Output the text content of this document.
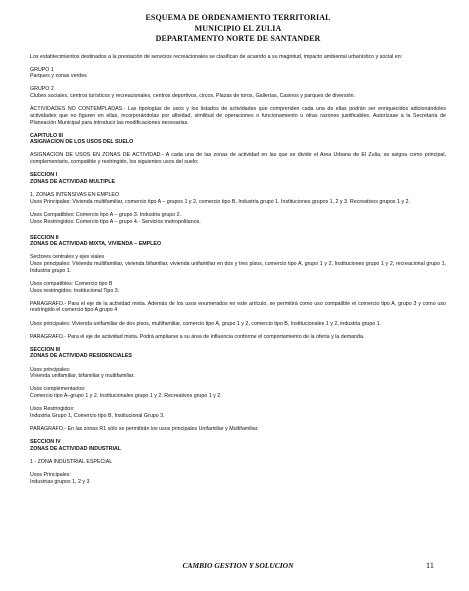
ESQUEMA DE ORDENAMIENTO TERRITORIAL
MUNICIPIO EL ZULIA
DEPARTAMENTO NORTE DE SANTANDER

Los establecimientos destinados a la prestación de servicios recreacionales se clasifican de acuerdo a su magnitud, impacto ambiental urbanístico y social en:

GRUPO 1

Parques y zonas verdes

GRUPO 2

Clubes sociales, centros turísticos y recreacionales, centros deportivos, circos, Plazas de toros, Gallerías, Casinos y parques de diversión.

ACTIVIDADES NO CONTEMPLADAS.- Las tipologías de usos y los listados de actividades que comprenden cada una de ellas podrán ser enriquecidos adicionándoles actividades que no figuren en ellas, incorporándolas por afinidad, similitud de operaciones o funcionamiento u otras razones justificables. Autorízase a la Secretaría de Planeación Municipal para introducir las modificaciones necesarias.

CAPITULO III

ASIGNACION DE LOS USOS DEL SUELO

ASIGNACION DE USOS EN ZONAS DE ACTIVIDAD.- A cada una de las zonas de actividad en las que se divide el Area Urbana de El Zulia, se asigna como principal, complementario, compatible y restringido, los siguientes usos del suelo:

SECCION I

ZONAS DE ACTIVIDAD MULTIPLE

1. ZONAS INTENSIVAS EN EMPLEO

Usos Principales: Vivienda multifamiliar, comercio tipo A – grupos 1 y 2, comercio tipo B, Industria grupo 1. Instituciones grupos 1, 2 y 3. Recreativos grupos 1 y 2.

Usos Compatibles: Comercio tipo A – grupo 3. Industria grupo 2.

Usos Restringidos: Comercio tipo A – grupo 4.- Servicios metropolitanos.

SECCION II

ZONAS DE ACTIVIDAD MIXTA, VIVIENDA – EMPLEO

Sectores centrales y ejes viales

Usos principales: Vivienda multifamiliar, vivienda bifamiliar, vivienda unifamiliar en dos y tres pisos, comercio tipo A, grupo 1 y 2, Instituciones grupo 1 y 2, recreacional grupo 1, Industria grupo 1.

Usos compatibles: Comercio tipo B

Usos restringidos: Institucional Tipo 3.

PARAGRAFO.- Para el eje de la actividad mixta. Además de los usos enumerados en este artículo, se permitirá como uso compatible el comercio tipo A, grupo 3 y como uso restringido el comercio tipo A grupo 4

Usos principales: Vivienda unifamiliar de dos pisos, multifamiliar, comercio tipo A, grupo 1 y 2, comercio tipo B, Institucionales 1 y 2, industria grupo 1.

PARAGRAFO.- Para el eje de actividad mixta. Podrá ampliarse a su área de influencia conforme el comportamiento de la oferta y la demanda.

SECCION III

ZONAS DE ACTIVIDAD RESIDENCIALES

Usos principales:

Vivienda unifamiliar, bifamiliar y multifamiliar.

Usos complementarios:

Comercio tipo A–grupo 1 y 2. Institucionales grupo 1 y 2. Recreativos grupo 1 y 2.

Usos Restringidos:

Industria Grupo 1, Comercio tipo B, Institucional Grupo 3.

PARAGRAFO.- En las zonas R1 sólo se permitirán los usos principales Unifamiliar y Multifamiliar.

SECCION IV

ZONAS DE ACTIVIDAD INDUSTRIAL

1 - ZONA INDUSTRIAL ESPECIAL

Usos Principales:

Industrias grupos 1, 2 y 3

CAMBIO GESTION Y SOLUCION	11
